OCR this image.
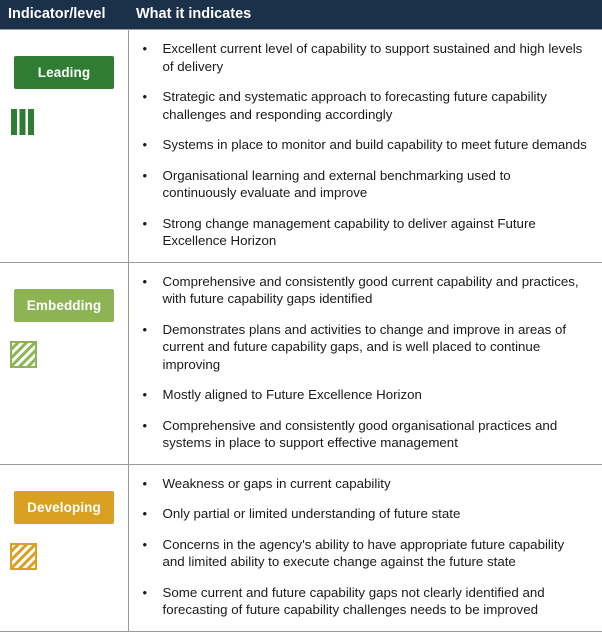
Indicator/level	What it indicates

Leading

• Excellent current level of capability to support sustained and high levels of delivery
• Strategic and systematic approach to forecasting future capability challenges and responding accordingly
• Systems in place to monitor and build capability to meet future demands
• Organisational learning and external benchmarking used to continuously evaluate and improve
• Strong change management capability to deliver against Future Excellence Horizon

Embedding

• Comprehensive and consistently good current capability and practices, with future capability gaps identified
• Demonstrates plans and activities to change and improve in areas of current and future capability gaps, and is well placed to continue improving
• Mostly aligned to Future Excellence Horizon
• Comprehensive and consistently good organisational practices and systems in place to support effective management

Developing

• Weakness or gaps in current capability
• Only partial or limited understanding of future state
• Concerns in the agency's ability to have appropriate future capability and limited ability to execute change against the future state
• Some current and future capability gaps not clearly identified and forecasting of future capability challenges needs to be improved
